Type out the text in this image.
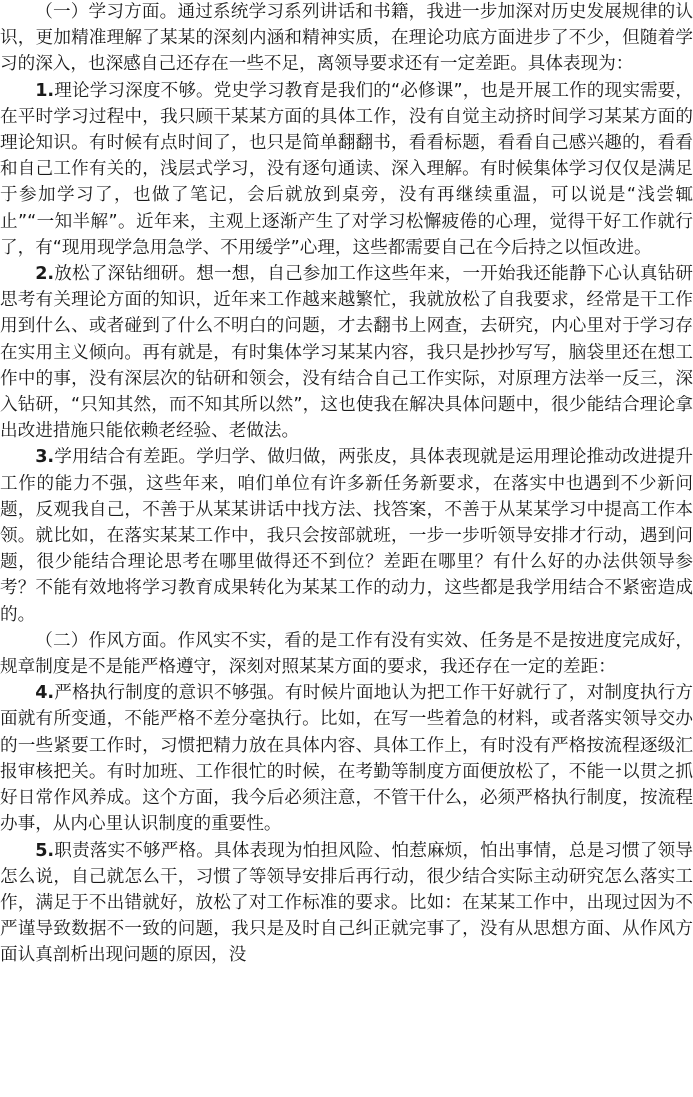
（一）学习方面。通过系统学习系列讲话和书籍，我进一步加深对历史发展规律的认识，更加精准理解了某某的深刻内涵和精神实质，在理论功底方面进步了不少，但随着学习的深入，也深感自己还存在一些不足，离领导要求还有一定差距。具体表现为：

1.理论学习深度不够。党史学习教育是我们的“必修课”，也是开展工作的现实需要，在平时学习过程中，我只顾干某某方面的具体工作，没有自觉主动挤时间学习某某方面的理论知识。有时候有点时间了，也只是简单翻翻书，看看标题，看看自己感兴趣的，看看和自己工作有关的，浅层式学习，没有逐句通读、深入理解。有时候集体学习仅仅是满足于参加学习了，也做了笔记，会后就放到桌旁，没有再继续重温，可以说是“浅尝辄止”“一知半解”。近年来，主观上逐渐产生了对学习松懈疲倦的心理，觉得干好工作就行了，有“现用现学急用急学、不用缓学”心理，这些都需要自己在今后持之以恒改进。

2.放松了深钻细研。想一想，自己参加工作这些年来，一开始我还能静下心认真钻研思考有关理论方面的知识，近年来工作越来越繁忙，我就放松了自我要求，经常是干工作用到什么、或者碰到了什么不明白的问题，才去翻书上网查，去研究，内心里对于学习存在实用主义倾向。再有就是，有时集体学习某某内容，我只是抄抄写写，脑袋里还在想工作中的事，没有深层次的钻研和领会，没有结合自己工作实际，对原理方法举一反三，深入钻研，“只知其然，而不知其所以然”，这也使我在解决具体问题中，很少能结合理论拿出改进措施只能依赖老经验、老做法。

3.学用结合有差距。学归学、做归做，两张皮，具体表现就是运用理论推动改进提升工作的能力不强，这些年来，咱们单位有许多新任务新要求，在落实中也遇到不少新问题，反观我自己，不善于从某某讲话中找方法、找答案，不善于从某某学习中提高工作本领。就比如，在落实某某工作中，我只会按部就班，一步一步听领导安排才行动，遇到问题，很少能结合理论思考在哪里做得还不到位？差距在哪里？有什么好的办法供领导参考？不能有效地将学习教育成果转化为某某工作的动力，这些都是我学用结合不紧密造成的。

（二）作风方面。作风实不实，看的是工作有没有实效、任务是不是按进度完成好，规章制度是不是能严格遵守，深刻对照某某方面的要求，我还存在一定的差距：

4.严格执行制度的意识不够强。有时候片面地认为把工作干好就行了，对制度执行方面就有所变通，不能严格不差分毫执行。比如，在写一些着急的材料，或者落实领导交办的一些紧要工作时，习惯把精力放在具体内容、具体工作上，有时没有严格按流程逐级汇报审核把关。有时加班、工作很忙的时候，在考勤等制度方面便放松了，不能一以贯之抓好日常作风养成。这个方面，我今后必须注意，不管干什么，必须严格执行制度，按流程办事，从内心里认识制度的重要性。

5.职责落实不够严格。具体表现为怕担风险、怕惹麻烦，怕出事情，总是习惯了领导怎么说，自己就怎么干，习惯了等领导安排后再行动，很少结合实际主动研究怎么落实工作，满足于不出错就好，放松了对工作标准的要求。比如：在某某工作中，出现过因为不严谨导致数据不一致的问题，我只是及时自己纠正就完事了，没有从思想方面、从作风方面认真剖析出现问题的原因，没
